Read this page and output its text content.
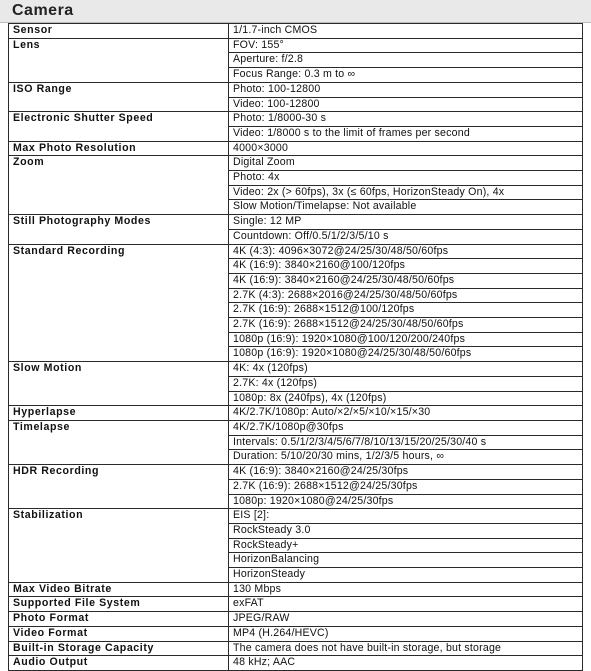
Camera
Sensor	1/1.7-inch CMOS
Lens	FOV: 155°
	Aperture: f/2.8
	Focus Range: 0.3 m to ∞
ISO Range	Photo: 100-12800
	Video: 100-12800
Electronic Shutter Speed	Photo: 1/8000-30 s
	Video: 1/8000 s to the limit of frames per second
Max Photo Resolution	4000×3000
Zoom	Digital Zoom
	Photo: 4x
	Video: 2x (> 60fps), 3x (≤ 60fps, HorizonSteady On), 4x
	Slow Motion/Timelapse: Not available
Still Photography Modes	Single: 12 MP
	Countdown: Off/0.5/1/2/3/5/10 s
Standard Recording	4K (4:3): 4096×3072@24/25/30/48/50/60fps
	4K (16:9): 3840×2160@100/120fps
	4K (16:9): 3840×2160@24/25/30/48/50/60fps
	2.7K (4:3): 2688×2016@24/25/30/48/50/60fps
	2.7K (16:9): 2688×1512@100/120fps
	2.7K (16:9): 2688×1512@24/25/30/48/50/60fps
	1080p (16:9): 1920×1080@100/120/200/240fps
	1080p (16:9): 1920×1080@24/25/30/48/50/60fps
Slow Motion	4K: 4x (120fps)
	2.7K: 4x (120fps)
	1080p: 8x (240fps), 4x (120fps)
Hyperlapse	4K/2.7K/1080p: Auto/×2/×5/×10/×15/×30
Timelapse	4K/2.7K/1080p@30fps
	Intervals: 0.5/1/2/3/4/5/6/7/8/10/13/15/20/25/30/40 s
	Duration: 5/10/20/30 mins, 1/2/3/5 hours, ∞
HDR Recording	4K (16:9): 3840×2160@24/25/30fps
	2.7K (16:9): 2688×1512@24/25/30fps
	1080p: 1920×1080@24/25/30fps
Stabilization	EIS [2]:
	RockSteady 3.0
	RockSteady+
	HorizonBalancing
	HorizonSteady
Max Video Bitrate	130 Mbps
Supported File System	exFAT
Photo Format	JPEG/RAW
Video Format	MP4 (H.264/HEVC)
Built-in Storage Capacity	The camera does not have built-in storage, but storage
Audio Output	48 kHz; AAC
